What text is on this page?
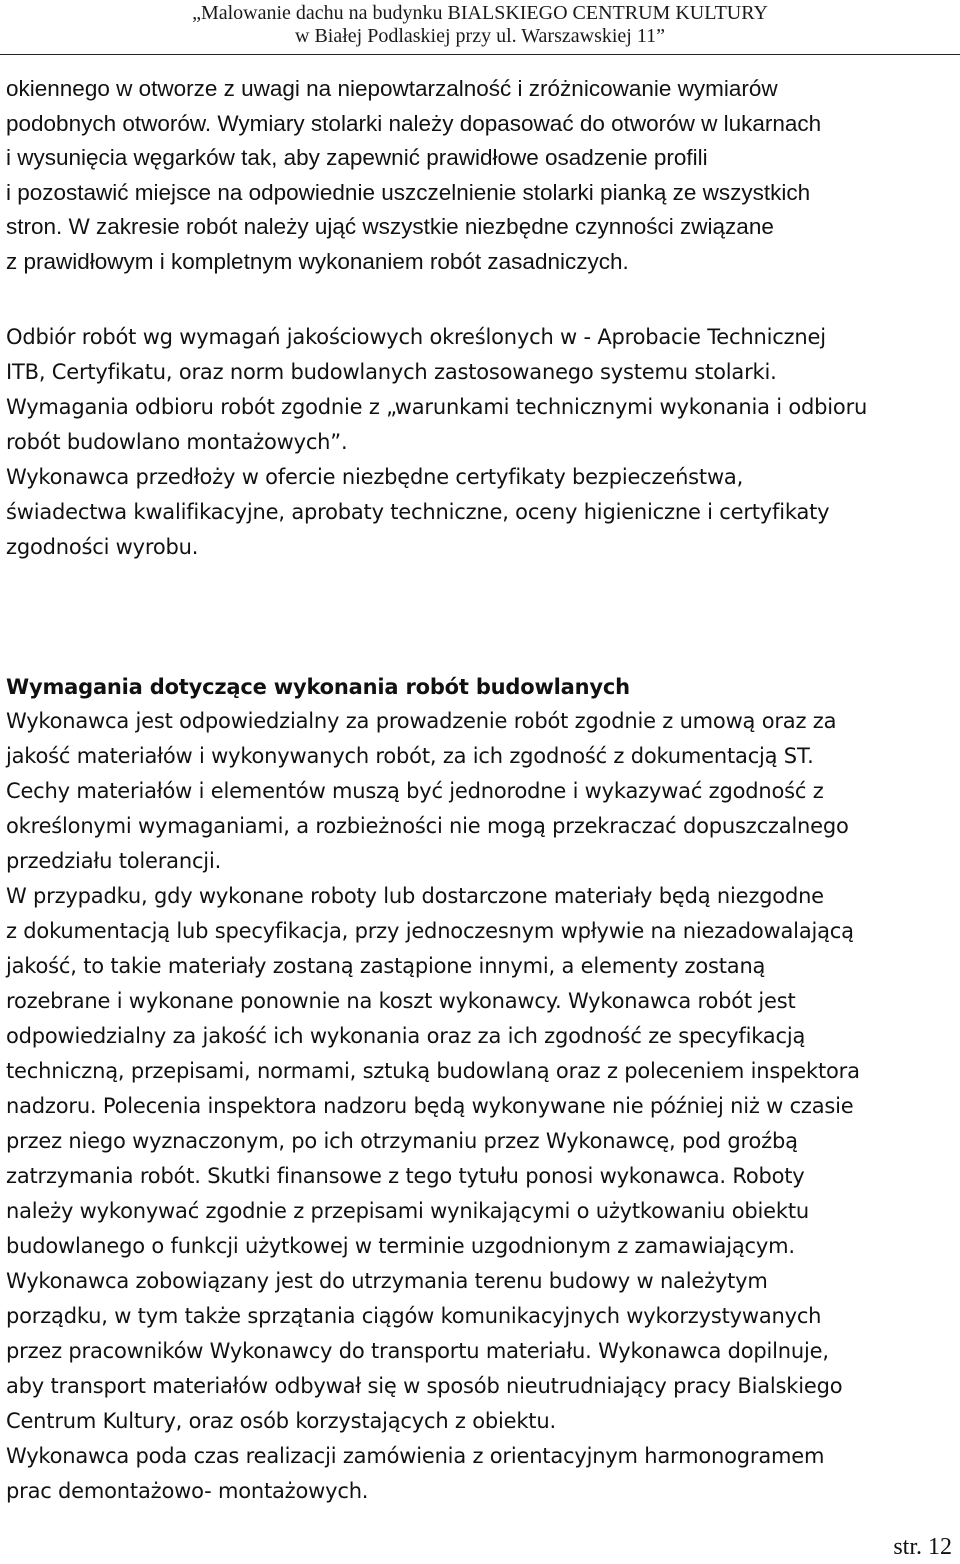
„Malowanie dachu na budynku BIALSKIEGO CENTRUM KULTURY
w Białej Podlaskiej przy ul. Warszawskiej 11”
okiennego w otworze z uwagi na niepowtarzalność i zróżnicowanie wymiarów
podobnych otworów. Wymiary stolarki należy dopasować do otworów w lukarnach
i wysunięcia węgarków tak, aby zapewnić prawidłowe osadzenie profili
i pozostawić miejsce na odpowiednie uszczelnienie stolarki pianką ze wszystkich
stron. W zakresie robót należy ująć wszystkie niezbędne czynności związane
z prawidłowym i kompletnym wykonaniem robót zasadniczych.
Odbiór robót wg wymagań jakościowych określonych w - Aprobacie Technicznej
ITB, Certyfikatu, oraz norm budowlanych zastosowanego systemu stolarki.
Wymagania odbioru robót zgodnie z „warunkami technicznymi wykonania i odbioru
robót budowlano montażowych”.
Wykonawca przedłoży w ofercie niezbędne certyfikaty bezpieczeństwa,
świadectwa kwalifikacyjne, aprobaty techniczne, oceny higieniczne i certyfikaty
zgodności wyrobu.
Wymagania dotyczące wykonania robót budowlanych
Wykonawca jest odpowiedzialny za prowadzenie robót zgodnie z umową oraz za
jakość materiałów i wykonywanych robót, za ich zgodność z dokumentacją ST.
Cechy materiałów i elementów muszą być jednorodne i wykazywać zgodność z
określonymi wymaganiami, a rozbieżności nie mogą przekraczać dopuszczalnego
przedziału tolerancji.
W przypadku, gdy wykonane roboty lub dostarczone materiały będą niezgodne
z dokumentacją lub specyfikacja, przy jednoczesnym wpływie na niezadowalającą
jakość, to takie materiały zostaną zastąpione innymi, a elementy zostaną
rozebrane i wykonane ponownie na koszt wykonawcy. Wykonawca robót jest
odpowiedzialny za jakość ich wykonania oraz za ich zgodność ze specyfikacją
techniczną, przepisami, normami, sztuką budowlaną oraz z poleceniem inspektora
nadzoru. Polecenia inspektora nadzoru będą wykonywane nie później niż w czasie
przez niego wyznaczonym, po ich otrzymaniu przez Wykonawcę, pod groźbą
zatrzymania robót. Skutki finansowe z tego tytułu ponosi wykonawca. Roboty
należy wykonywać zgodnie z przepisami wynikającymi o użytkowaniu obiektu
budowlanego o funkcji użytkowej w terminie uzgodnionym z zamawiającym.
Wykonawca zobowiązany jest do utrzymania terenu budowy w należytym
porządku, w tym także sprzątania ciągów komunikacyjnych wykorzystywanych
przez pracowników Wykonawcy do transportu materiału. Wykonawca dopilnuje,
aby transport materiałów odbywał się w sposób nieutrudniający pracy Bialskiego
Centrum Kultury, oraz osób korzystających z obiektu.
Wykonawca poda czas realizacji zamówienia z orientacyjnym harmonogramem
prac demontażowo- montażowych.
str. 12
